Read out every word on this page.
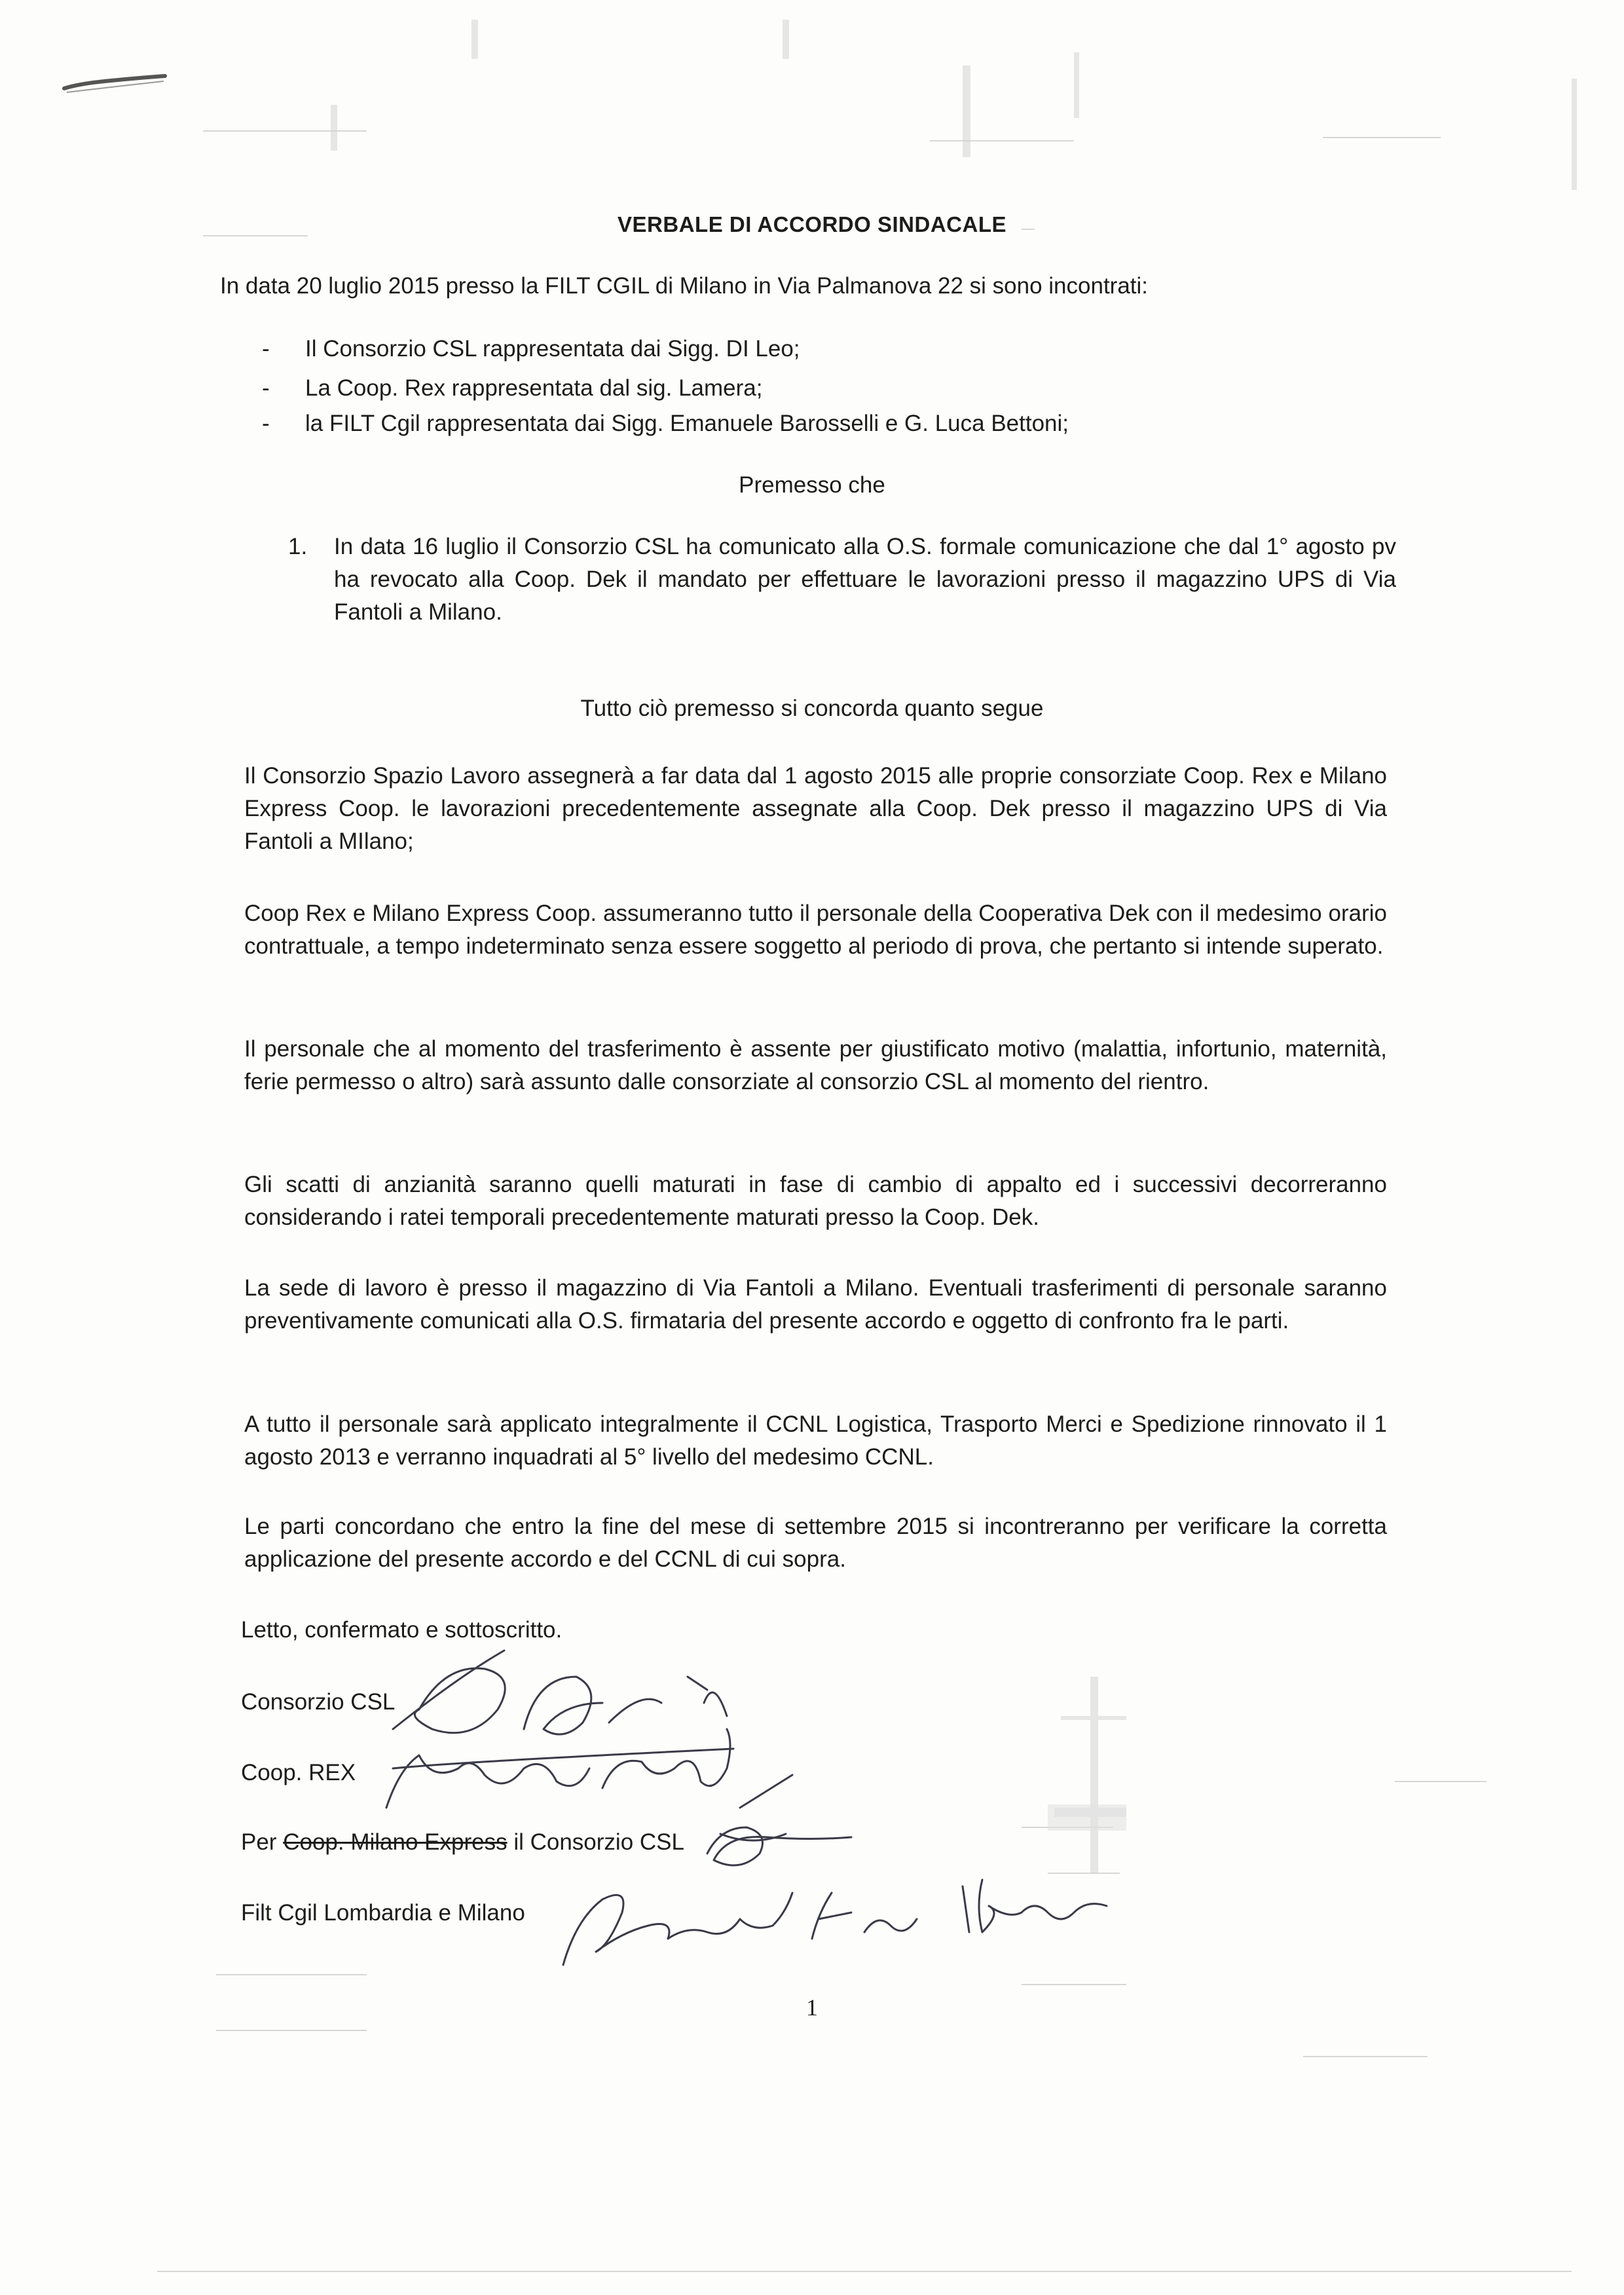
VERBALE DI ACCORDO SINDACALE
In data 20 luglio 2015 presso la FILT CGIL di Milano in Via Palmanova 22 si sono incontrati:
- Il Consorzio CSL rappresentata dai Sigg. DI Leo;
- La Coop. Rex rappresentata dal sig. Lamera;
- la FILT Cgil rappresentata dai Sigg. Emanuele Barosselli e G. Luca Bettoni;
Premesso che
1. In data 16 luglio il Consorzio CSL ha comunicato alla O.S. formale comunicazione che dal 1° agosto pv ha revocato alla Coop. Dek il mandato per effettuare le lavorazioni presso il magazzino UPS di Via Fantoli a Milano.
Tutto ciò premesso si concorda quanto segue
Il Consorzio Spazio Lavoro assegnerà a far data dal 1 agosto 2015 alle proprie consorziate Coop. Rex e Milano Express Coop. le lavorazioni precedentemente assegnate alla Coop. Dek presso il magazzino UPS di Via Fantoli a MIlano;
Coop Rex e Milano Express Coop. assumeranno tutto il personale della Cooperativa Dek con il medesimo orario contrattuale, a tempo indeterminato senza essere soggetto al periodo di prova, che pertanto si intende superato.
Il personale che al momento del trasferimento è assente per giustificato motivo (malattia, infortunio, maternità, ferie permesso o altro) sarà assunto dalle consorziate al consorzio CSL al momento del rientro.
Gli scatti di anzianità saranno quelli maturati in fase di cambio di appalto ed i successivi decorreranno considerando i ratei temporali precedentemente maturati presso la Coop. Dek.
La sede di lavoro è presso il magazzino di Via Fantoli a Milano. Eventuali trasferimenti di personale saranno preventivamente comunicati alla O.S. firmataria del presente accordo e oggetto di confronto fra le parti.
A tutto il personale sarà applicato integralmente il CCNL Logistica, Trasporto Merci e Spedizione rinnovato il 1 agosto 2013 e verranno inquadrati al 5° livello del medesimo CCNL.
Le parti concordano che entro la fine del mese di settembre 2015 si incontreranno per verificare la corretta applicazione del presente accordo e del CCNL di cui sopra.
Letto, confermato e sottoscritto.
Consorzio CSL
Coop. REX
Per Coop. Milano Express il Consorzio CSL
Filt Cgil Lombardia e Milano
1
